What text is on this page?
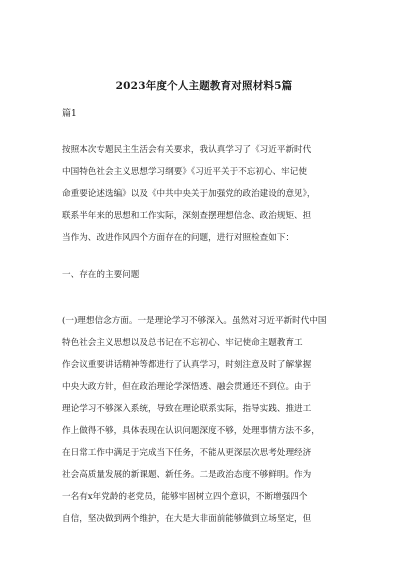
2023年度个人主题教育对照材料5篇
篇1
按照本次专题民主生活会有关要求，我认真学习了《习近平新时代
中国特色社会主义思想学习纲要》《习近平关于不忘初心、牢记使
命重要论述选编》以及《中共中央关于加强党的政治建设的意见》，
联系半年来的思想和工作实际，深刻查摆理想信念、政治规矩、担
当作为、改进作风四个方面存在的问题，进行对照检查如下：
一、存在的主要问题
(一)理想信念方面。一是理论学习不够深入。虽然对习近平新时代中国
特色社会主义思想以及总书记在不忘初心、牢记使命主题教育工
作会议重要讲话精神等都进行了认真学习，时刻注意及时了解掌握
中央大政方针，但在政治理论学深悟透、融会贯通还不到位。由于
理论学习不够深入系统，导致在理论联系实际，指导实践、推进工
作上做得不够，具体表现在认识问题深度不够，处理事情方法不多，
在日常工作中满足于完成当下任务，不能从更深层次思考处理经济
社会高质量发展的新课题、新任务。二是政治态度不够鲜明。作为
一名有x年党龄的老党员，能够牢固树立四个意识，不断增强四个
自信，坚决做到两个维护，在大是大非面前能够做到立场坚定，但
